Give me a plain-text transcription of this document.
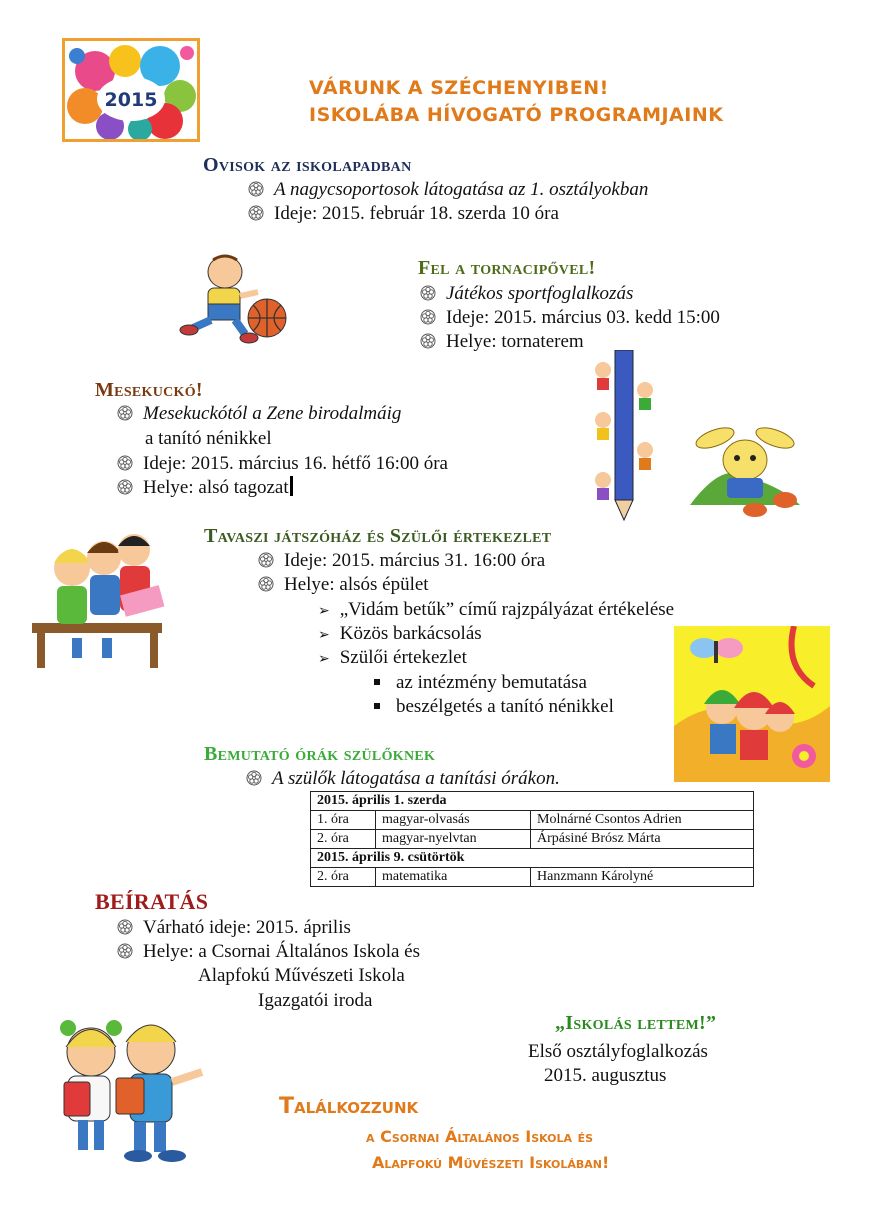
2015
VÁRUNK A SZÉCHENYIBEN!
ISKOLÁBA HÍVOGATÓ PROGRAMJAINK
Ovisok az iskolapadban
A nagycsoportosok látogatása az 1. osztályokban
Ideje: 2015. február 18. szerda 10 óra
Fel a tornacipővel!
Játékos sportfoglalkozás
Ideje: 2015. március 03. kedd 15:00
Helye: tornaterem
Mesekuckó!
Mesekuckótól a Zene birodalmáig
a tanító nénikkel
Ideje: 2015. március 16. hétfő 16:00 óra
Helye: alsó tagozat
Tavaszi játszóház és Szülői értekezlet
Ideje: 2015. március 31. 16:00 óra
Helye: alsós épület
➢ „Vidám betűk” című rajzpályázat értékelése
➢ Közös barkácsolás
➢ Szülői értekezlet
az intézmény bemutatása
beszélgetés a tanító nénikkel
Bemutató órák szülőknek
A szülők látogatása a tanítási órákon.
2015. április 1. szerda		
1. óra	magyar-olvasás	Molnárné Csontos Adrien
2. óra	magyar-nyelvtan	Árpásiné Brósz Márta
2015. április 9. csütörtök		
2. óra	matematika	Hanzmann Károlyné
BEÍRATÁS
Várható ideje: 2015. április
Helye: a Csornai Általános Iskola és
Alapfokú Művészeti Iskola
Igazgatói iroda
„Iskolás lettem!”
Első osztályfoglalkozás
2015. augusztus
Találkozzunk
a Csornai Általános Iskola és
Alapfokú Művészeti Iskolában!
